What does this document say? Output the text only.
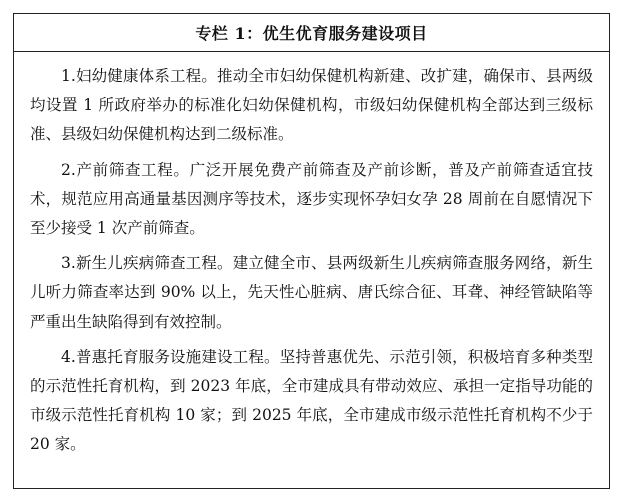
专栏 1：优生优育服务建设项目

1.妇幼健康体系工程。推动全市妇幼保健机构新建、改扩建，确保市、县两级均设置 1 所政府举办的标准化妇幼保健机构，市级妇幼保健机构全部达到三级标准、县级妇幼保健机构达到二级标准。

2.产前筛查工程。广泛开展免费产前筛查及产前诊断，普及产前筛查适宜技术，规范应用高通量基因测序等技术，逐步实现怀孕妇女孕 28 周前在自愿情况下至少接受 1 次产前筛查。

3.新生儿疾病筛查工程。建立健全市、县两级新生儿疾病筛查服务网络，新生儿听力筛查率达到 90% 以上，先天性心脏病、唐氏综合征、耳聋、神经管缺陷等严重出生缺陷得到有效控制。

4.普惠托育服务设施建设工程。坚持普惠优先、示范引领，积极培育多种类型的示范性托育机构，到 2023 年底，全市建成具有带动效应、承担一定指导功能的市级示范性托育机构 10 家；到 2025 年底，全市建成市级示范性托育机构不少于 20 家。
